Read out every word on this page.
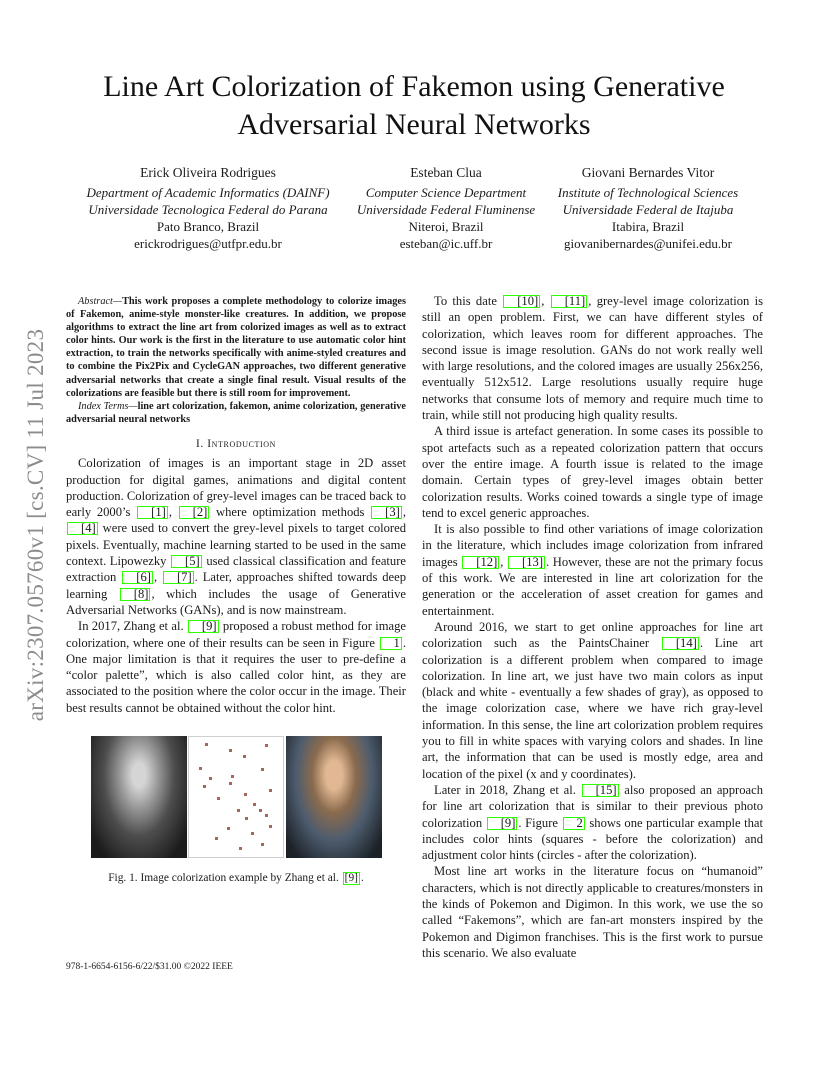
arXiv:2307.05760v1 [cs.CV] 11 Jul 2023
Line Art Colorization of Fakemon using Generative Adversarial Neural Networks
Erick Oliveira Rodrigues
Department of Academic Informatics (DAINF)
Universidade Tecnologica Federal do Parana
Pato Branco, Brazil
erickrodrigues@utfpr.edu.br
Esteban Clua
Computer Science Department
Universidade Federal Fluminense
Niteroi, Brazil
esteban@ic.uff.br
Giovani Bernardes Vitor
Institute of Technological Sciences
Universidade Federal de Itajuba
Itabira, Brazil
giovanibernardes@unifei.edu.br

Abstract—This work proposes a complete methodology to colorize images of Fakemon, anime-style monster-like creatures. In addition, we propose algorithms to extract the line art from colorized images as well as to extract color hints. Our work is the first in the literature to use automatic color hint extraction, to train the networks specifically with anime-styled creatures and to combine the Pix2Pix and CycleGAN approaches, two different generative adversarial networks that create a single final result. Visual results of the colorizations are feasible but there is still room for improvement.

Index Terms—line art colorization, fakemon, anime colorization, generative adversarial neural networks

I. Introduction

Colorization of images is an important stage in 2D asset production for digital games, animations and digital content production. Colorization of grey-level images can be traced back to early 2000’s [1] , [2] where optimization methods [3] , [4] were used to convert the grey-level pixels to target colored pixels. Eventually, machine learning started to be used in the same context. Lipowezky [5] used classical classification and feature extraction [6] , [7] . Later, approaches shifted towards deep learning [8] , which includes the usage of Generative Adversarial Networks (GANs), and is now mainstream.

In 2017, Zhang et al. [9] proposed a robust method for image colorization, where one of their results can be seen in Figure 1 . One major limitation is that it requires the user to pre-define a “color palette”, which is also called color hint, as they are associated to the position where the color occur in the image. Their best results cannot be obtained without the color hint.

Fig. 1. Image colorization example by Zhang et al. [9] .
978-1-6654-6156-6/22/$31.00 ©2022 IEEE

To this date [10] , [11] , grey-level image colorization is still an open problem. First, we can have different styles of colorization, which leaves room for different approaches. The second issue is image resolution. GANs do not work really well with large resolutions, and the colored images are usually 256x256, eventually 512x512. Large resolutions usually require huge networks that consume lots of memory and require much time to train, while still not producing high quality results.

A third issue is artefact generation. In some cases its possible to spot artefacts such as a repeated colorization pattern that occurs over the entire image. A fourth issue is related to the image domain. Certain types of grey-level images obtain better colorization results. Works coined towards a single type of image tend to excel generic approaches.

It is also possible to find other variations of image colorization in the literature, which includes image colorization from infrared images [12] , [13] . However, these are not the primary focus of this work. We are interested in line art colorization for the generation or the acceleration of asset creation for games and entertainment.

Around 2016, we start to get online approaches for line art colorization such as the PaintsChainer [14] . Line art colorization is a different problem when compared to image colorization. In line art, we just have two main colors as input (black and white - eventually a few shades of gray), as opposed to the image colorization case, where we have rich gray-level information. In this sense, the line art colorization problem requires you to fill in white spaces with varying colors and shades. In line art, the information that can be used is mostly edge, area and location of the pixel (x and y coordinates).

Later in 2018, Zhang et al. [15] also proposed an approach for line art colorization that is similar to their previous photo colorization [9] . Figure 2 shows one particular example that includes color hints (squares - before the colorization) and adjustment color hints (circles - after the colorization).

Most line art works in the literature focus on “humanoid” characters, which is not directly applicable to creatures/monsters in the kinds of Pokemon and Digimon. In this work, we use the so called “Fakemons”, which are fan-art monsters inspired by the Pokemon and Digimon franchises. This is the first work to pursue this scenario. We also evaluate
